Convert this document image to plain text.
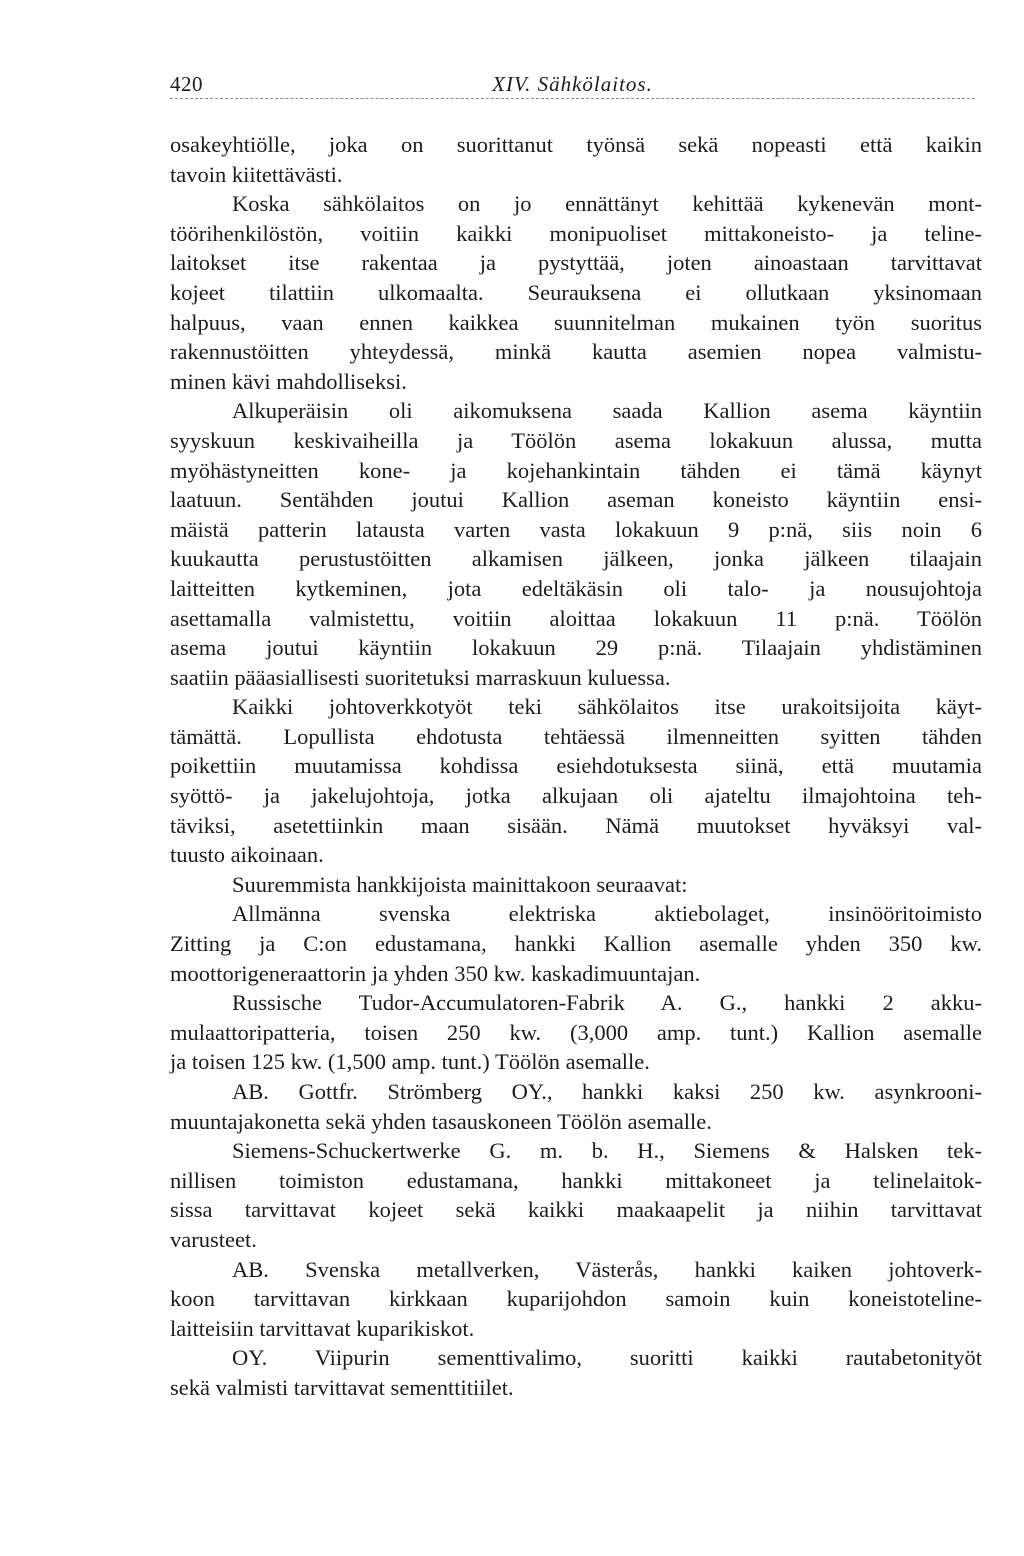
420	XIV. Sähkölaitos.
osakeyhtiölle, joka on suorittanut työnsä sekä nopeasti että kaikin
tavoin kiitettävästi.
Koska sähkölaitos on jo ennättänyt kehittää kykenevän mont-
töörihenkilöstön, voitiin kaikki monipuoliset mittakoneisto- ja teline-
laitokset itse rakentaa ja pystyttää, joten ainoastaan tarvittavat
kojeet tilattiin ulkomaalta. Seurauksena ei ollutkaan yksinomaan
halpuus, vaan ennen kaikkea suunnitelman mukainen työn suoritus
rakennustöitten yhteydessä, minkä kautta asemien nopea valmistu-
minen kävi mahdolliseksi.
Alkuperäisin oli aikomuksena saada Kallion asema käyntiin
syyskuun keskivaiheilla ja Töölön asema lokakuun alussa, mutta
myöhästyneitten kone- ja kojehankintain tähden ei tämä käynyt
laatuun. Sentähden joutui Kallion aseman koneisto käyntiin ensi-
mäistä patterin latausta varten vasta lokakuun 9 p:nä, siis noin 6
kuukautta perustustöitten alkamisen jälkeen, jonka jälkeen tilaajain
laitteitten kytkeminen, jota edeltäkäsin oli talo- ja nousujohtoja
asettamalla valmistettu, voitiin aloittaa lokakuun 11 p:nä. Töölön
asema joutui käyntiin lokakuun 29 p:nä. Tilaajain yhdistäminen
saatiin pääasiallisesti suoritetuksi marraskuun kuluessa.
Kaikki johtoverkkotyöt teki sähkölaitos itse urakoitsijoita käyt-
tämättä. Lopullista ehdotusta tehtäessä ilmenneitten syitten tähden
poikettiin muutamissa kohdissa esiehdotuksesta siinä, että muutamia
syöttö- ja jakelujohtoja, jotka alkujaan oli ajateltu ilmajohtoina teh-
täviksi, asetettiinkin maan sisään. Nämä muutokset hyväksyi val-
tuusto aikoinaan.
Suuremmista hankkijoista mainittakoon seuraavat:
Allmänna svenska elektriska aktiebolaget, insinööritoimisto
Zitting ja C:on edustamana, hankki Kallion asemalle yhden 350 kw.
moottorigeneraattorin ja yhden 350 kw. kaskadimuuntajan.
Russische Tudor-Accumulatoren-Fabrik A. G., hankki 2 akku-
mulaattoripatteria, toisen 250 kw. (3,000 amp. tunt.) Kallion asemalle
ja toisen 125 kw. (1,500 amp. tunt.) Töölön asemalle.
AB. Gottfr. Strömberg OY., hankki kaksi 250 kw. asynkrooni-
muuntajakonetta sekä yhden tasauskoneen Töölön asemalle.
Siemens-Schuckertwerke G. m. b. H., Siemens & Halsken tek-
nillisen toimiston edustamana, hankki mittakoneet ja telinelaitok-
sissa tarvittavat kojeet sekä kaikki maakaapelit ja niihin tarvittavat
varusteet.
AB. Svenska metallverken, Västerås, hankki kaiken johtoverk-
koon tarvittavan kirkkaan kuparijohdon samoin kuin koneistoteline-
laitteisiin tarvittavat kuparikiskot.
OY. Viipurin sementtivalimo, suoritti kaikki rautabetonityöt
sekä valmisti tarvittavat sementtitiilet.
